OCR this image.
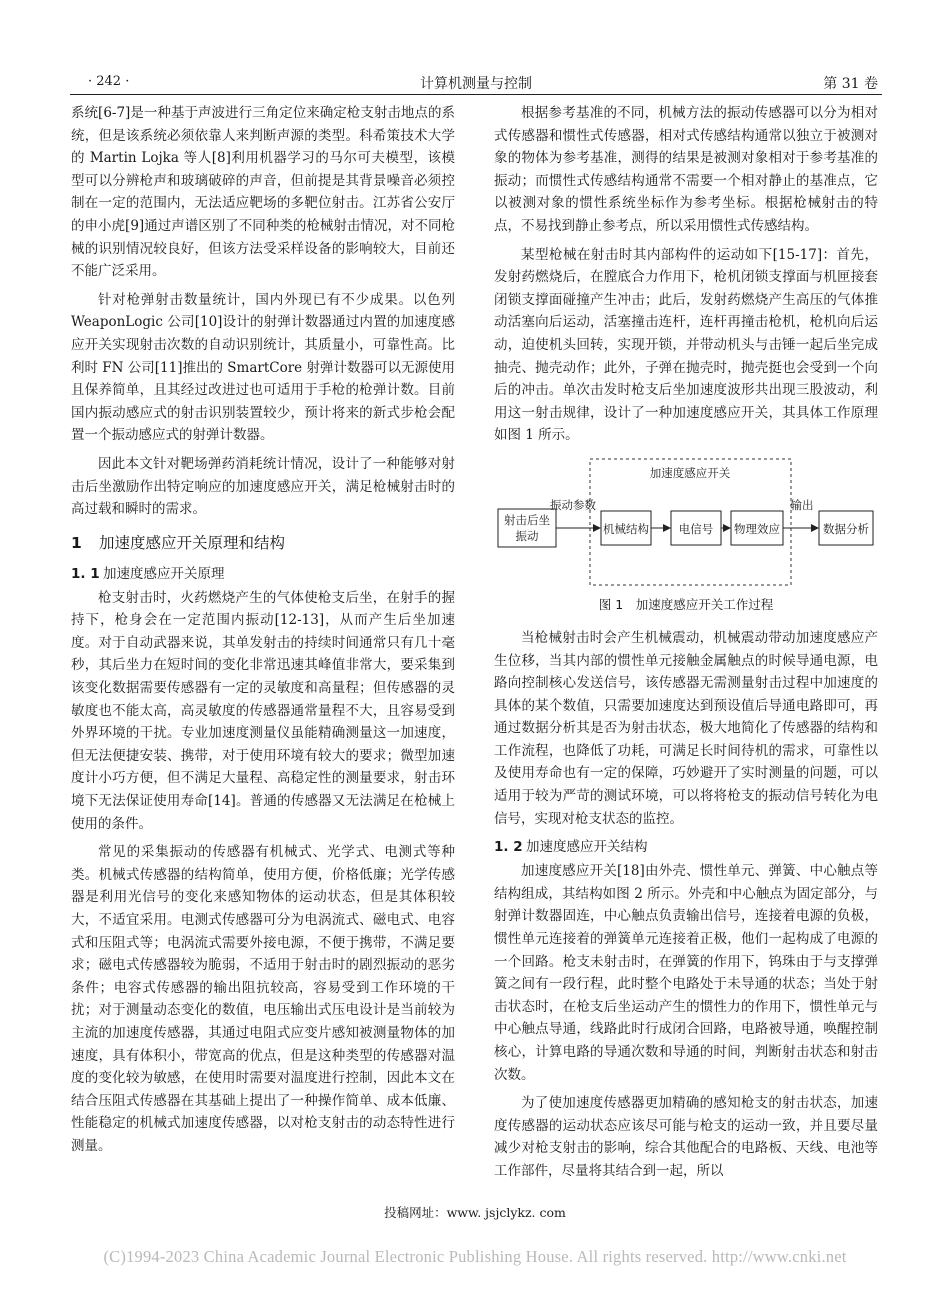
· 242 ·	计算机测量与控制	第 31 卷

系统[6-7]是一种基于声波进行三角定位来确定枪支射击地点的系统，但是该系统必须依靠人来判断声源的类型。科希策技术大学的 Martin Lojka 等人[8]利用机器学习的马尔可夫模型，该模型可以分辨枪声和玻璃破碎的声音，但前提是其背景噪音必须控制在一定的范围内，无法适应靶场的多靶位射击。江苏省公安厅的申小虎[9]通过声谱区别了不同种类的枪械射击情况，对不同枪械的识别情况较良好，但该方法受采样设备的影响较大，目前还不能广泛采用。

针对枪弹射击数量统计，国内外现已有不少成果。以色列 WeaponLogic 公司[10]设计的射弹计数器通过内置的加速度感应开关实现射击次数的自动识别统计，其质量小，可靠性高。比利时 FN 公司[11]推出的 SmartCore 射弹计数器可以无源使用且保养简单，且其经过改进过也可适用于手枪的枪弹计数。目前国内振动感应式的射击识别装置较少，预计将来的新式步枪会配置一个振动感应式的射弹计数器。

因此本文针对靶场弹药消耗统计情况，设计了一种能够对射击后坐激励作出特定响应的加速度感应开关，满足枪械射击时的高过载和瞬时的需求。

1 加速度感应开关原理和结构
1. 1 加速度感应开关原理

枪支射击时，火药燃烧产生的气体使枪支后坐，在射手的握持下，枪身会在一定范围内振动[12-13]，从而产生后坐加速度。对于自动武器来说，其单发射击的持续时间通常只有几十毫秒，其后坐力在短时间的变化非常迅速其峰值非常大，要采集到该变化数据需要传感器有一定的灵敏度和高量程；但传感器的灵敏度也不能太高，高灵敏度的传感器通常量程不大，且容易受到外界环境的干扰。专业加速度测量仪虽能精确测量这一加速度，但无法便捷安装、携带，对于使用环境有较大的要求；微型加速度计小巧方便，但不满足大量程、高稳定性的测量要求，射击环境下无法保证使用寿命[14]。普通的传感器又无法满足在枪械上使用的条件。

常见的采集振动的传感器有机械式、光学式、电测式等种类。机械式传感器的结构简单，使用方便，价格低廉；光学传感器是利用光信号的变化来感知物体的运动状态，但是其体积较大，不适宜采用。电测式传感器可分为电涡流式、磁电式、电容式和压阻式等；电涡流式需要外接电源，不便于携带，不满足要求；磁电式传感器较为脆弱，不适用于射击时的剧烈振动的恶劣条件；电容式传感器的输出阻抗较高，容易受到工作环境的干扰；对于测量动态变化的数值，电压输出式压电设计是当前较为主流的加速度传感器，其通过电阻式应变片感知被测量物体的加速度，具有体积小，带宽高的优点，但是这种类型的传感器对温度的变化较为敏感，在使用时需要对温度进行控制，因此本文在结合压阻式传感器在其基础上提出了一种操作简单、成本低廉、性能稳定的机械式加速度传感器，以对枪支射击的动态特性进行测量。

根据参考基准的不同，机械方法的振动传感器可以分为相对式传感器和惯性式传感器，相对式传感结构通常以独立于被测对象的物体为参考基准，测得的结果是被测对象相对于参考基准的振动；而惯性式传感结构通常不需要一个相对静止的基准点，它以被测对象的惯性系统坐标作为参考坐标。根据枪械射击的特点，不易找到静止参考点，所以采用惯性式传感结构。

某型枪械在射击时其内部构件的运动如下[15-17]：首先，发射药燃烧后，在膛底合力作用下，枪机闭锁支撑面与机匣接套闭锁支撑面碰撞产生冲击；此后，发射药燃烧产生高压的气体推动活塞向后运动，活塞撞击连杆，连杆再撞击枪机，枪机向后运动，迫使机头回转，实现开锁，并带动机头与击锤一起后坐完成抽壳、抛壳动作；此外，子弹在抛壳时，抛壳挺也会受到一个向后的冲击。单次击发时枪支后坐加速度波形共出现三股波动，利用这一射击规律，设计了一种加速度感应开关，其具体工作原理如图 1 所示。

加速度感应开关
射击后坐
振动
振动参数
机械结构	电信号 物理效应
输出
数据分析
图 1　加速度感应开关工作过程

当枪械射击时会产生机械震动，机械震动带动加速度感应产生位移，当其内部的惯性单元接触金属触点的时候导通电源，电路向控制核心发送信号，该传感器无需测量射击过程中加速度的具体的某个数值，只需要加速度达到预设值后导通电路即可，再通过数据分析其是否为射击状态，极大地简化了传感器的结构和工作流程，也降低了功耗，可满足长时间待机的需求，可靠性以及使用寿命也有一定的保障，巧妙避开了实时测量的问题，可以适用于较为严苛的测试环境，可以将将枪支的振动信号转化为电信号，实现对枪支状态的监控。

1. 2 加速度感应开关结构

加速度感应开关[18]由外壳、惯性单元、弹簧、中心触点等结构组成，其结构如图 2 所示。外壳和中心触点为固定部分，与射弹计数器固连，中心触点负责输出信号，连接着电源的负极，惯性单元连接着的弹簧单元连接着正极，他们一起构成了电源的一个回路。枪支未射击时，在弹簧的作用下，钨珠由于与支撑弹簧之间有一段行程，此时整个电路处于未导通的状态；当处于射击状态时，在枪支后坐运动产生的惯性力的作用下，惯性单元与中心触点导通，线路此时行成闭合回路，电路被导通，唤醒控制核心，计算电路的导通次数和导通的时间，判断射击状态和射击次数。

为了使加速度传感器更加精确的感知枪支的射击状态，加速度传感器的运动状态应该尽可能与枪支的运动一致，并且要尽量减少对枪支射击的影响，综合其他配合的电路板、天线、电池等工作部件，尽量将其结合到一起，所以

投稿网址：www. jsjclykz. com
(C)1994-2023 China Academic Journal Electronic Publishing House. All rights reserved. http://www.cnki.net
